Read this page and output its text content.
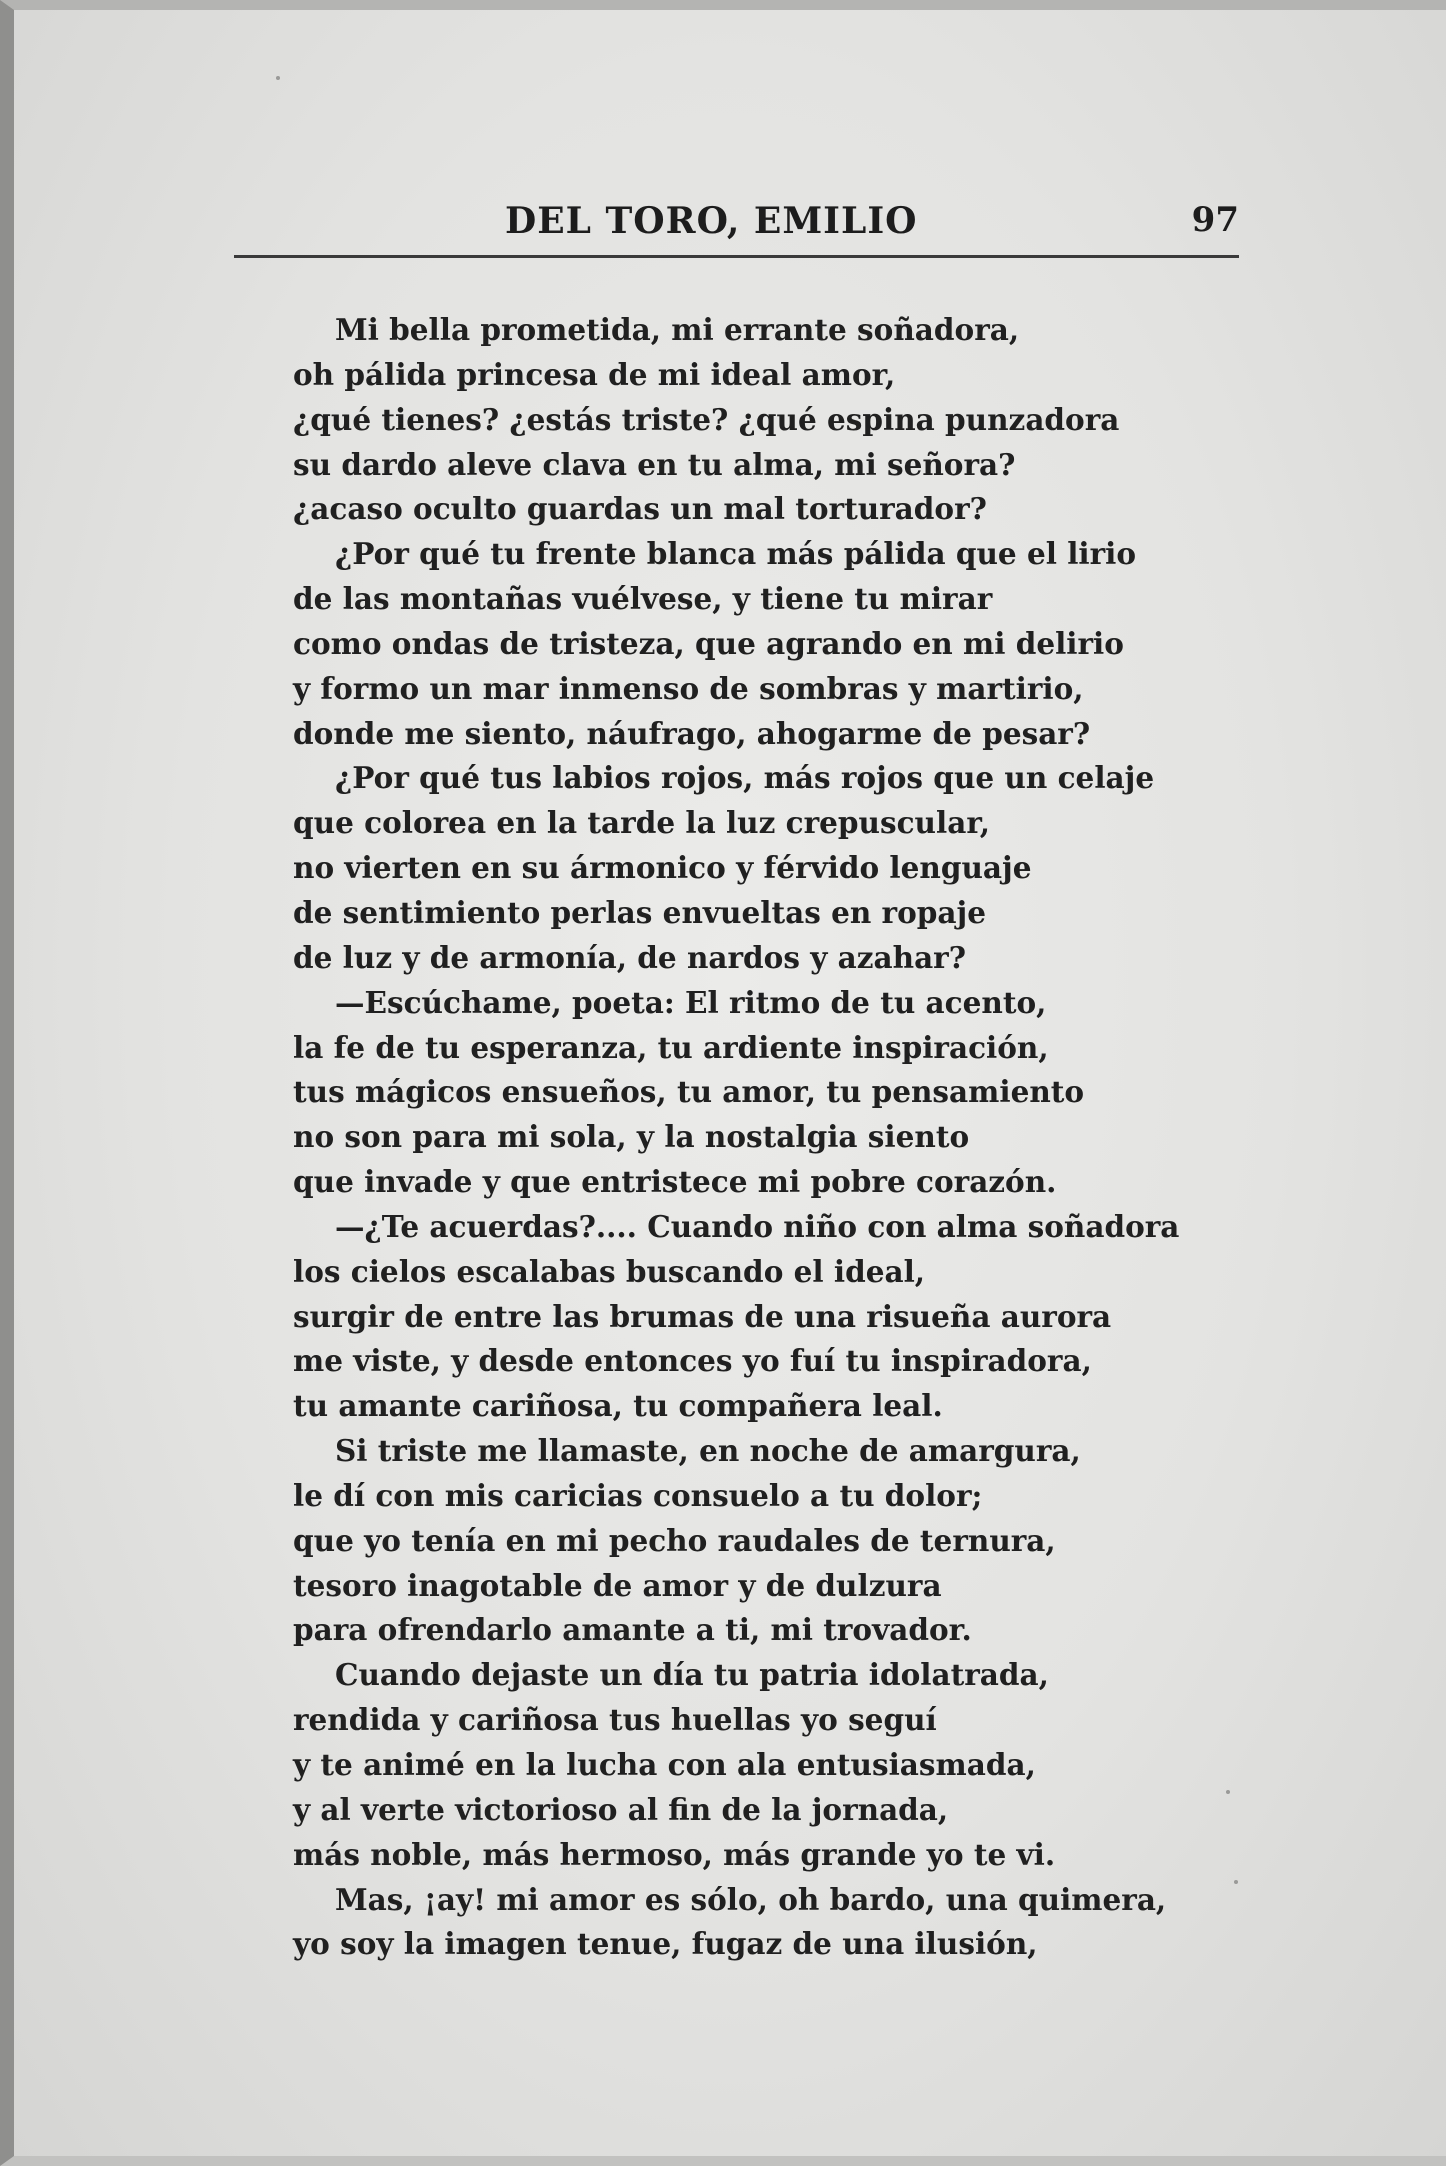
DEL TORO, EMILIO	97
Mi bella prometida, mi errante soñadora,
oh pálida princesa de mi ideal amor,
¿qué tienes? ¿estás triste? ¿qué espina punzadora
su dardo aleve clava en tu alma, mi señora?
¿acaso oculto guardas un mal torturador?
¿Por qué tu frente blanca más pálida que el lirio
de las montañas vuélvese, y tiene tu mirar
como ondas de tristeza, que agrando en mi delirio
y formo un mar inmenso de sombras y martirio,
donde me siento, náufrago, ahogarme de pesar?
¿Por qué tus labios rojos, más rojos que un celaje
que colorea en la tarde la luz crepuscular,
no vierten en su ármonico y férvido lenguaje
de sentimiento perlas envueltas en ropaje
de luz y de armonía, de nardos y azahar?
—Escúchame, poeta: El ritmo de tu acento,
la fe de tu esperanza, tu ardiente inspiración,
tus mágicos ensueños, tu amor, tu pensamiento
no son para mi sola, y la nostalgia siento
que invade y que entristece mi pobre corazón.
—¿Te acuerdas?.... Cuando niño con alma soñadora
los cielos escalabas buscando el ideal,
surgir de entre las brumas de una risueña aurora
me viste, y desde entonces yo fuí tu inspiradora,
tu amante cariñosa, tu compañera leal.
Si triste me llamaste, en noche de amargura,
le dí con mis caricias consuelo a tu dolor;
que yo tenía en mi pecho raudales de ternura,
tesoro inagotable de amor y de dulzura
para ofrendarlo amante a ti, mi trovador.
Cuando dejaste un día tu patria idolatrada,
rendida y cariñosa tus huellas yo seguí
y te animé en la lucha con ala entusiasmada,
y al verte victorioso al fin de la jornada,
más noble, más hermoso, más grande yo te vi.
Mas, ¡ay! mi amor es sólo, oh bardo, una quimera,
yo soy la imagen tenue, fugaz de una ilusión,
